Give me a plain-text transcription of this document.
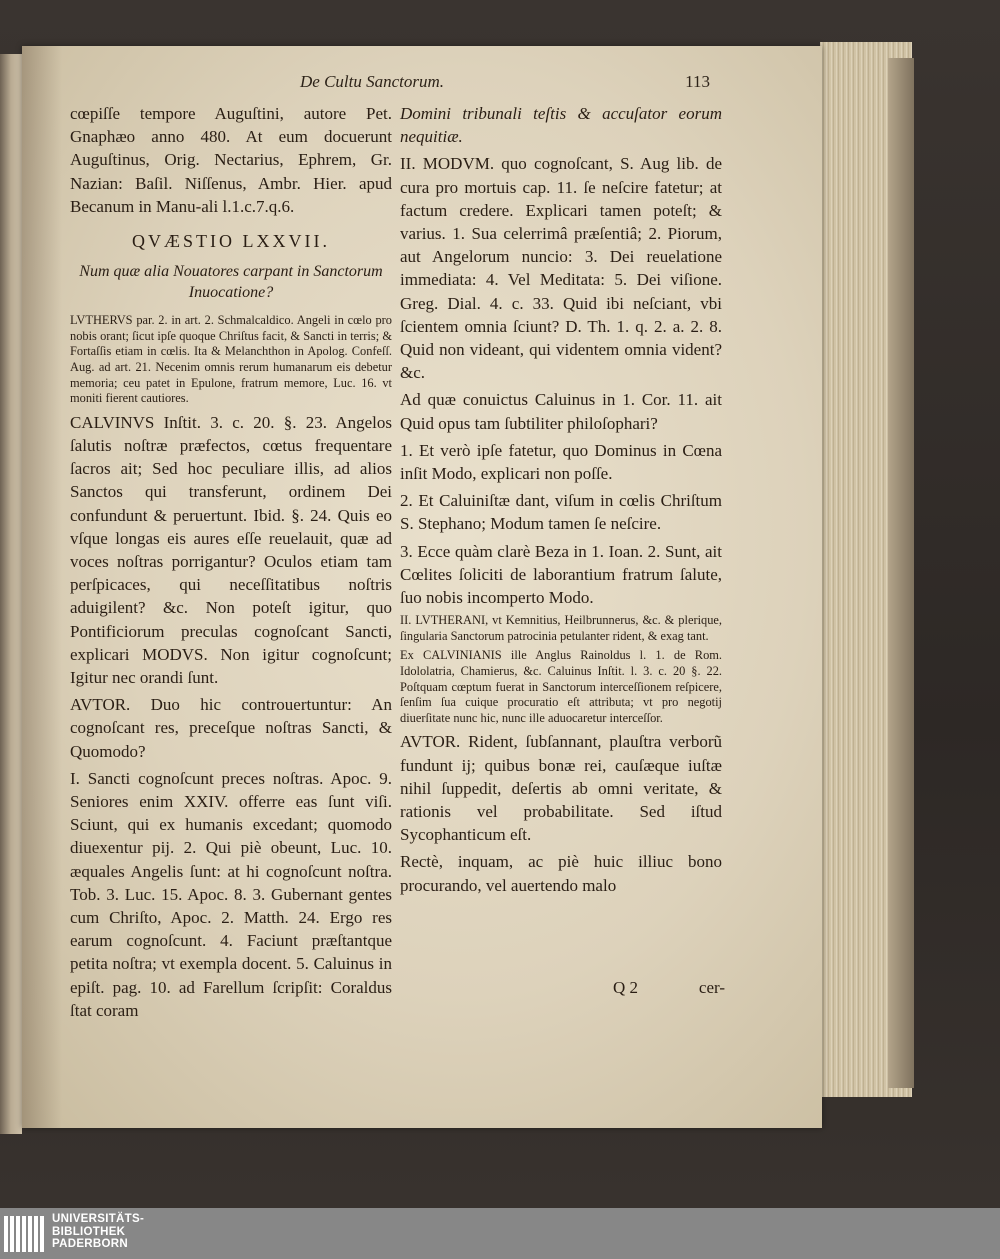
De Cultu Sanctorum.	113

cœpiſſe tempore Auguſtini, autore Pet. Gnaphæo anno 480. At eum docuerunt Auguſtinus, Orig. Nectarius, Ephrem, Gr. Nazian: Baſil. Niſſenus, Ambr. Hier. apud Becanum in Manu-ali l.1.c.7.q.6.

QVÆSTIO LXXVII.
Num quæ alia Nouatores carpant in Sanctorum Inuocatione?

LVTHERVS par. 2. in art. 2. Schmalcaldico. Angeli in cœlo pro nobis orant; ſicut ipſe quoque Chriſtus facit, & Sancti in terris; & Fortaſſis etiam in cœlis. Ita & Melanchthon in Apolog. Confeſſ. Aug. ad art. 21. Necenim omnis rerum humanarum eis debetur memoria; ceu patet in Epulone, fratrum memore, Luc. 16. vt moniti fierent cautiores.

CALVINVS Inſtit. 3. c. 20. §. 23. Angelos ſalutis noſtræ præfectos, cœtus frequentare ſacros ait; Sed hoc peculiare illis, ad alios Sanctos qui transferunt, ordinem Dei confundunt & peruertunt. Ibid. §. 24. Quis eo vſque longas eis aures eſſe reuelauit, quæ ad voces noſtras porrigantur? Oculos etiam tam perſpicaces, qui neceſſitatibus noſtris aduigilent? &c. Non poteſt igitur, quo Pontificiorum preculas cognoſcant Sancti, explicari MODVS. Non igitur cognoſcunt; Igitur nec orandi ſunt.

AVTOR. Duo hic controuertuntur: An cognoſcant res, preceſque noſtras Sancti, & Quomodo?

I. Sancti cognoſcunt preces noſtras. Apoc. 9. Seniores enim XXIV. offerre eas ſunt viſi. Sciunt, qui ex humanis excedant; quomodo diuexentur pij. 2. Qui piè obeunt, Luc. 10. æquales Angelis ſunt: at hi cognoſcunt noſtra. Tob. 3. Luc. 15. Apoc. 8. 3. Gubernant gentes cum Chriſto, Apoc. 2. Matth. 24. Ergo res earum cognoſcunt. 4. Faciunt præſtantque petita noſtra; vt exempla docent. 5. Caluinus in epiſt. pag. 10. ad Farellum ſcripſit: Coraldus ſtat coram

Domini tribunali teſtis & accuſator eorum nequitiæ.

II. MODVM. quo cognoſcant, S. Aug lib. de cura pro mortuis cap. 11. ſe neſcire fatetur; at factum credere. Explicari tamen poteſt; & varius. 1. Sua celerrimâ præſentiâ; 2. Piorum, aut Angelorum nuncio: 3. Dei reuelatione immediata: 4. Vel Meditata: 5. Dei viſione. Greg. Dial. 4. c. 33. Quid ibi neſciant, vbi ſcientem omnia ſciunt? D. Th. 1. q. 2. a. 2. 8. Quid non videant, qui videntem omnia vident? &c.

Ad quæ conuictus Caluinus in 1. Cor. 11. ait Quid opus tam ſubtiliter philoſophari?

1. Et verò ipſe fatetur, quo Dominus in Cœna inſit Modo, explicari non poſſe.

2. Et Caluiniſtæ dant, viſum in cœlis Chriſtum S. Stephano; Modum tamen ſe neſcire.

3. Ecce quàm clarè Beza in 1. Ioan. 2. Sunt, ait Cœlites ſoliciti de laborantium fratrum ſalute, ſuo nobis incomperto Modo.

II. LVTHERANI, vt Kemnitius, Heilbrunnerus, &c. & plerique, ſingularia Sanctorum patrocinia petulanter rident, & exag tant.

Ex CALVINIANIS ille Anglus Rainoldus l. 1. de Rom. Idololatria, Chamierus, &c. Caluinus Inſtit. l. 3. c. 20 §. 22. Poſtquam cœptum fuerat in Sanctorum interceſſionem reſpicere, ſenſim ſua cuique procuratio eſt attributa; vt pro negotij diuerſitate nunc hic, nunc ille aduocaretur interceſſor.

AVTOR. Rident, ſubſannant, plauſtra verborũ fundunt ij; quibus bonæ rei, cauſæque iuſtæ nihil ſuppedit, deſertis ab omni veritate, & rationis vel probabilitate. Sed iſtud Sycophanticum eſt.

Rectè, inquam, ac piè huic illiuc bono procurando, vel auertendo malo

Q 2	cer-
UNIVERSITÄTS-
BIBLIOTHEK
PADERBORN
